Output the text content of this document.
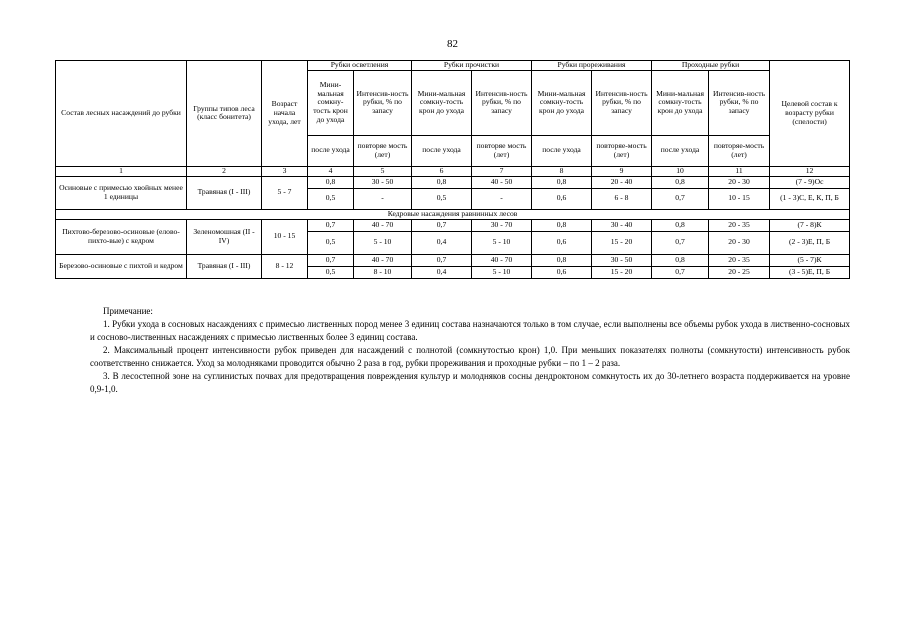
82
Состав лесных насаждений до рубки	Группы типов леса (класс бонитета)	Возраст начала ухода, лет	Рубки осветления		Рубки прочистки		Рубки прореживания		Проходные рубки		Целевой состав к возрасту рубки (спелости)
			Мини-мальная сомкну-тость крон до ухода	Интенсив-ность рубки, % по запасу	Мини-мальная сомкну-тость крон до ухода	Интенсив-ность рубки, % по запасу	Мини-мальная сомкну-тость крон до ухода	Интенсив-ность рубки, % по запасу	Мини-мальная сомкну-тость крон до ухода	Интенсив-ность рубки, % по запасу	
			после ухода	повторяе мость (лет)	после ухода	повторяе мость (лет)	после ухода	повторяе-мость (лет)	после ухода	повторяе-мость (лет)	
1	2	3	4	5	6	7	8	9	10	11	12
Осиновые с примесью хвойных менее 1 единицы	Травяная (I - III)	5 - 7	0,8	30 - 50	0,8	40 - 50	0,8	20 - 40	0,8	20 - 30	(7 - 9)Ос
			0,5	-	0,5	-	0,6	6 - 8	0,7	10 - 15	(1 - 3)С, Е, К, П, Б
Кедровые насаждения равнинных лесов											
Пихтово-березово-осиновые (елово-пихто-вые) с кедром	Зеленомошная (II - IV)	10 - 15	0,7	40 - 70	0,7	30 - 70	0,8	30 - 40	0,8	20 - 35	(7 - 8)К
			0,5	5 - 10	0,4	5 - 10	0,6	15 - 20	0,7	20 - 30	(2 - 3)Е, П, Б
Березово-осиновые с пихтой и кедром	Травяная (I - III)	8 - 12	0,7	40 - 70	0,7	40 - 70	0,8	30 - 50	0,8	20 - 35	(5 - 7)К
			0,5	8 - 10	0,4	5 - 10	0,6	15 - 20	0,7	20 - 25	(3 - 5)Е, П, Б

Примечание:

1. Рубки ухода в сосновых насаждениях с примесью лиственных пород менее 3 единиц состава назначаются только в том случае, если выполнены все объемы рубок ухода в лиственно-сосновых и сосново-лиственных насаждениях с примесью лиственных более 3 единиц состава.

2. Максимальный процент интенсивности рубок приведен для насаждений с полнотой (сомкнутостью крон) 1,0. При меньших показателях полноты (сомкнутости) интенсивность рубок соответственно снижается. Уход за молодняками проводится обычно 2 раза в год, рубки прореживания и проходные рубки – по 1 – 2 раза.

3. В лесостепной зоне на суглинистых почвах для предотвращения повреждения культур и молодняков сосны дендроктоном сомкнутость их до 30-летнего возраста поддерживается на уровне 0,9-1,0.
